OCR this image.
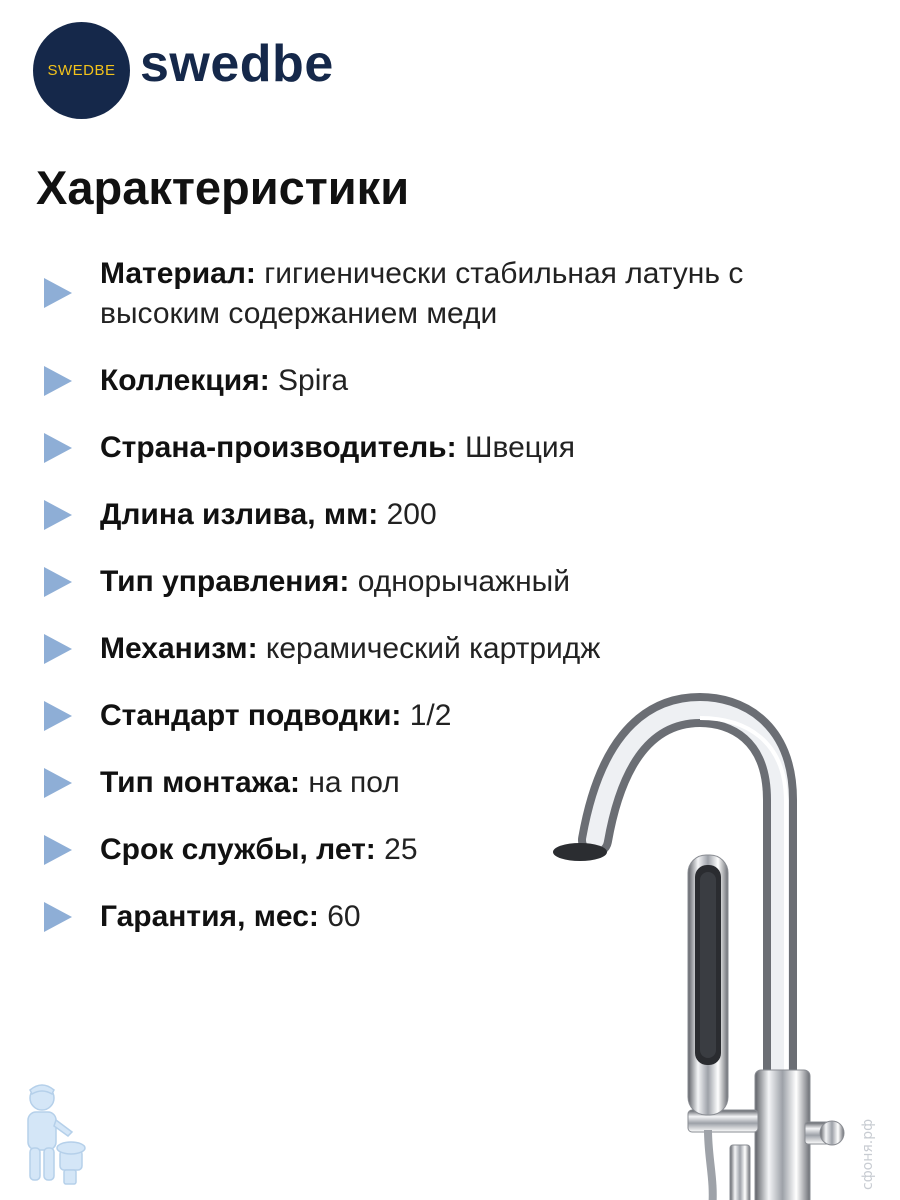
SWEDBE swedbe
Характеристики
Материал: гигиенически стабильная латунь с высоким содержанием меди
Коллекция: Spira
Страна-производитель: Швеция
Длина излива, мм: 200
Тип управления: однорычажный
Механизм: керамический картридж
Стандарт подводки: 1/2
Тип монтажа: на пол
Срок службы, лет: 25
Гарантия, мес: 60
сфоня.рф
